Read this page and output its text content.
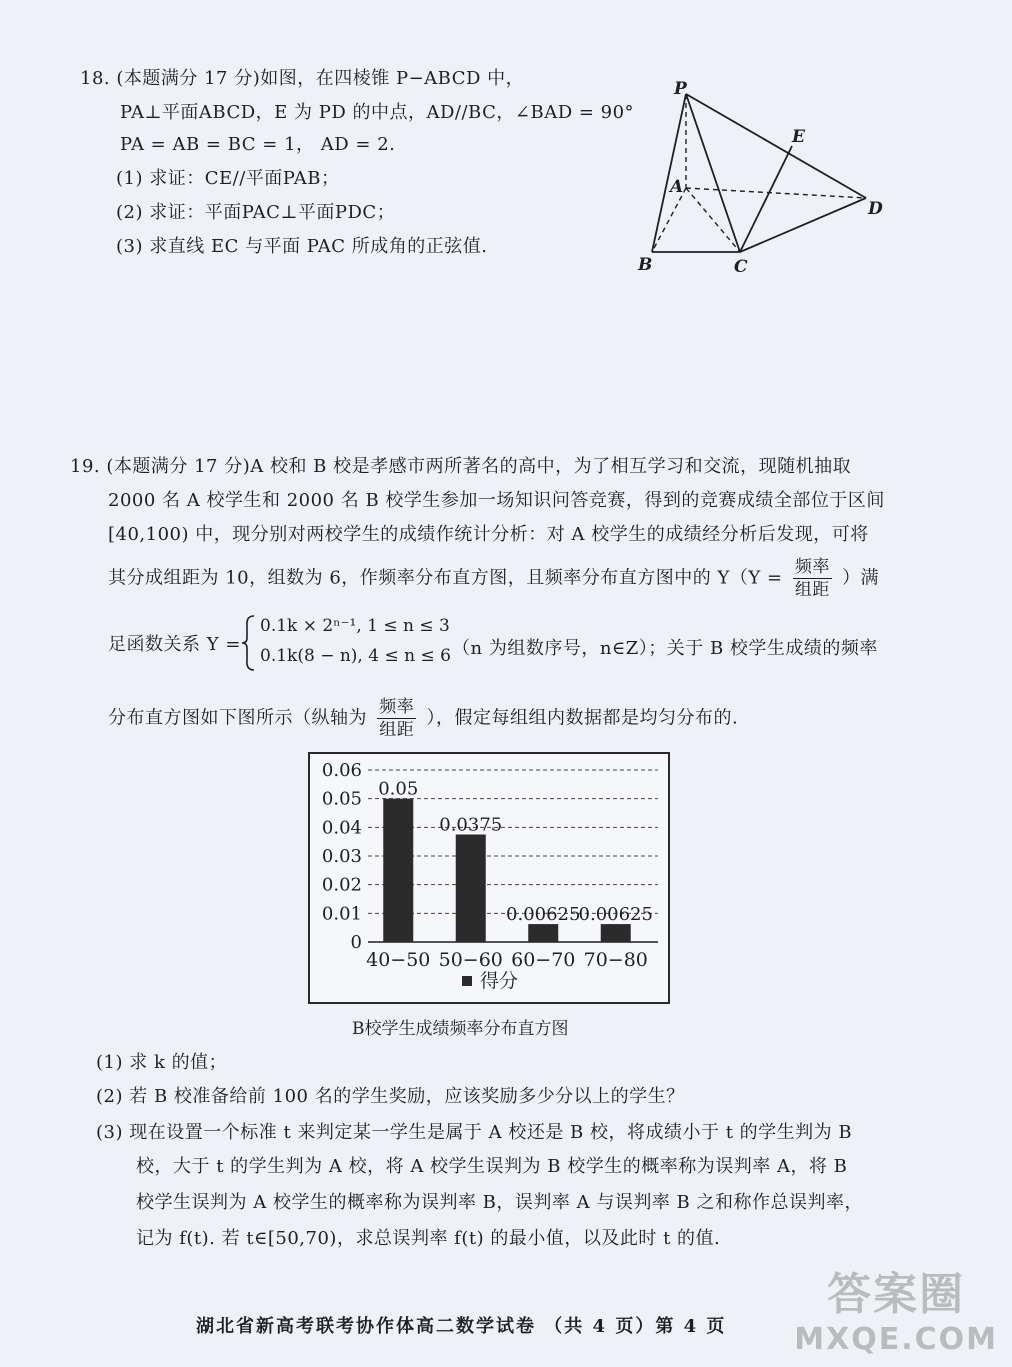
18. (本题满分 17 分)如图，在四棱锥 P−ABCD 中，
PA⊥平面ABCD，E 为 PD 的中点，AD//BC，∠BAD = 90°
PA = AB = BC = 1， AD = 2.
(1) 求证：CE//平面PAB；
(2) 求证：平面PAC⊥平面PDC；
(3) 求直线 EC 与平面 PAC 所成角的正弦值.
P
A
B	C
D
E
19. (本题满分 17 分)A 校和 B 校是孝感市两所著名的高中，为了相互学习和交流，现随机抽取
2000 名 A 校学生和 2000 名 B 校学生参加一场知识问答竞赛，得到的竞赛成绩全部位于区间
[40,100) 中，现分别对两校学生的成绩作统计分析：对 A 校学生的成绩经分析后发现，可将
其分成组距为 10，组数为 6，作频率分布直方图，且频率分布直方图中的 $Y(Y = \frac{\text{频率}}{\text{组距}}$ ）满
足函数关系 Y =
0.1k × 2ⁿ⁻¹, 1 ≤ n ≤ 3
0.1k(8 − n), 4 ≤ n ≤ 6 （n 为组数序号，n∈Z）；关于 B 校学生成绩的频率
分布直方图如下图所示（纵轴为 $\frac{\text{频率}}{\text{组距}}$ ），假定每组组内数据都是均匀分布的.
0
0.01
0.02
0.03
0.04
0.05
0.06
0.05
40−50
0.0375
50−60
0.00625
60−70
0.00625
70−80
得分
B校学生成绩频率分布直方图
(1) 求 k 的值；
(2) 若 B 校准备给前 100 名的学生奖励，应该奖励多少分以上的学生？
(3) 现在设置一个标准 t 来判定某一学生是属于 A 校还是 B 校，将成绩小于 t 的学生判为 B
校，大于 t 的学生判为 A 校，将 A 校学生误判为 B 校学生的概率称为误判率 A，将 B
校学生误判为 A 校学生的概率称为误判率 B，误判率 A 与误判率 B 之和称作总误判率，
记为 f(t). 若 t∈[50,70)，求总误判率 f(t) 的最小值，以及此时 t 的值.
湖北省新高考联考协作体高二数学试卷 （共 4 页）第 4 页
答案圈
MXQE.COM
